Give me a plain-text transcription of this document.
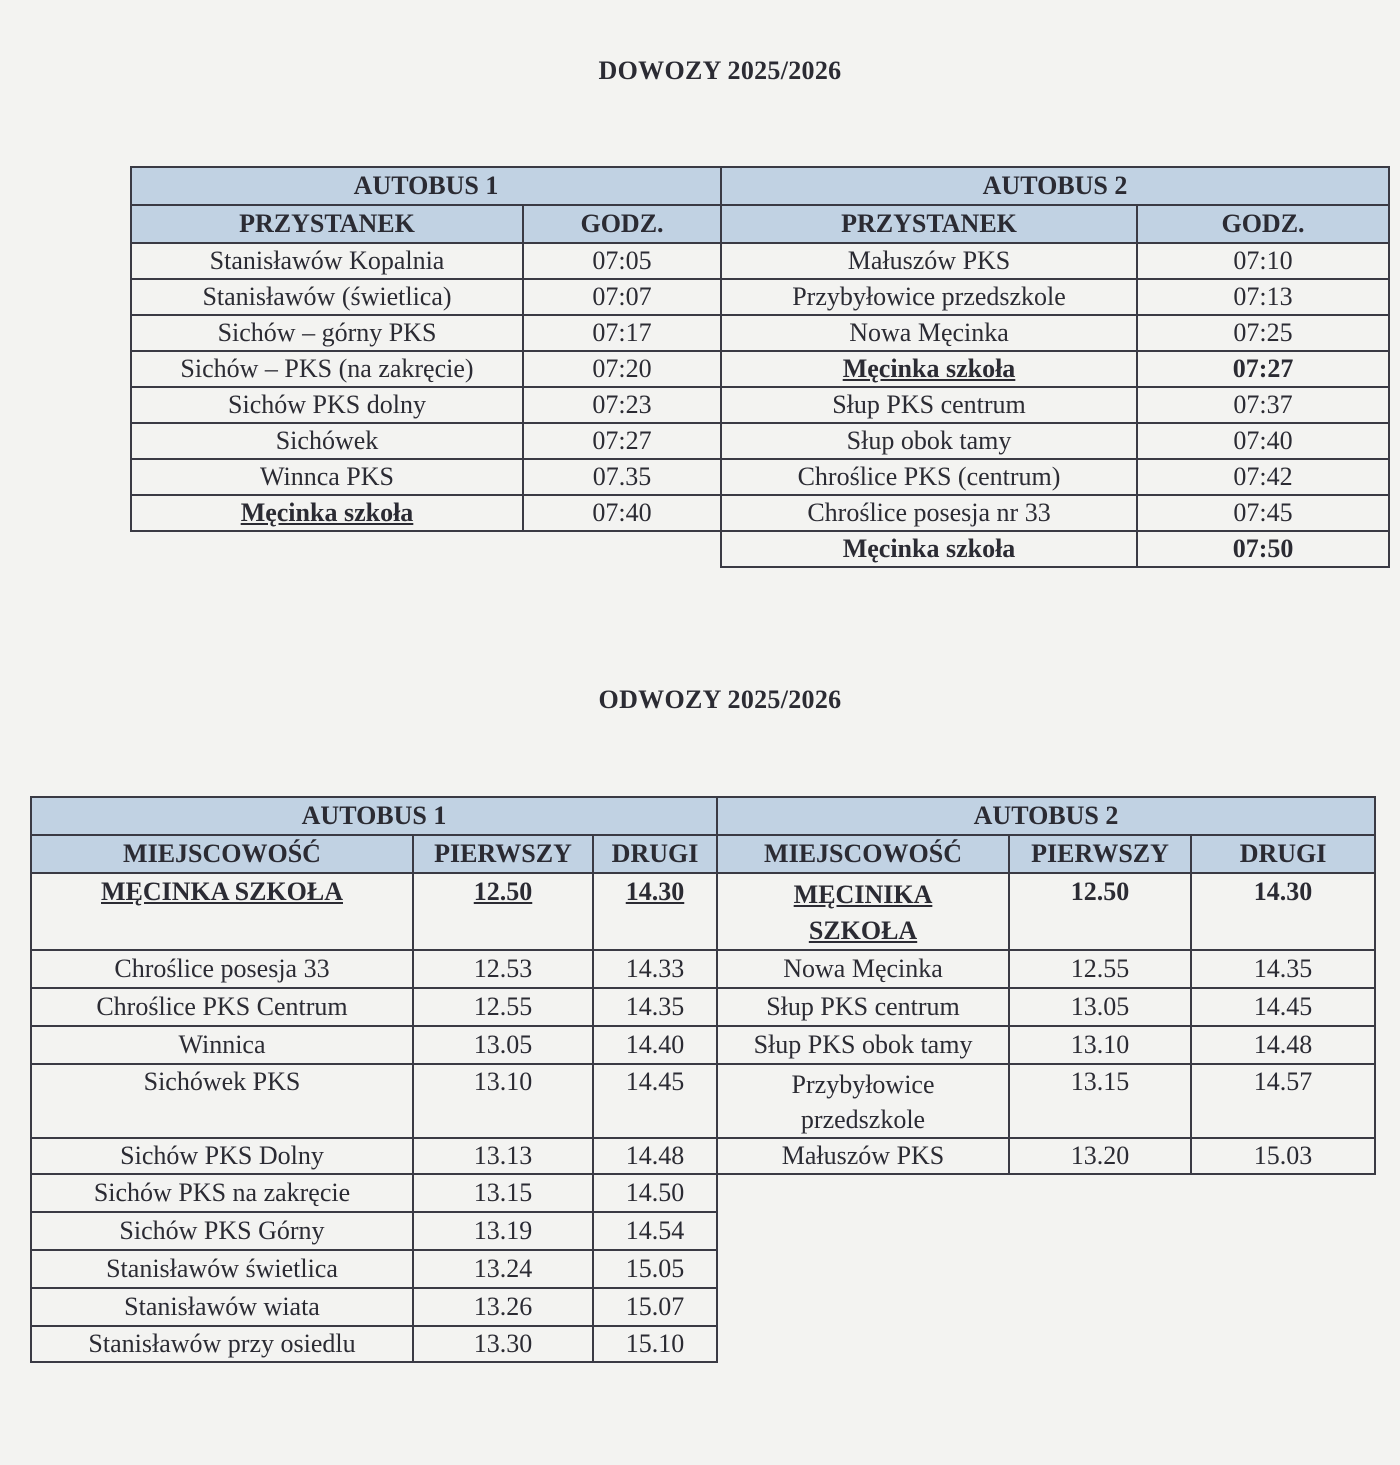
DOWOZY 2025/2026
AUTOBUS 1		AUTOBUS 2	
PRZYSTANEK	GODZ.	PRZYSTANEK	GODZ.
Stanisławów Kopalnia	07:05	Małuszów PKS	07:10
Stanisławów (świetlica)	07:07	Przybyłowice przedszkole	07:13
Sichów – górny PKS	07:17	Nowa Męcinka	07:25
Sichów – PKS (na zakręcie)	07:20	Męcinka szkoła	07:27
Sichów PKS dolny	07:23	Słup PKS centrum	07:37
Sichówek	07:27	Słup obok tamy	07:40
Winnca PKS	07.35	Chroślice PKS (centrum)	07:42
Męcinka szkoła	07:40	Chroślice posesja nr 33	07:45
		Męcinka szkoła	07:50
ODWOZY 2025/2026
AUTOBUS 1			AUTOBUS 2		
MIEJSCOWOŚĆ	PIERWSZY	DRUGI	MIEJSCOWOŚĆ	PIERWSZY	DRUGI
MĘCINKA SZKOŁA	12.50	14.30	MĘCINIKA SZKOŁA	12.50	14.30
Chroślice posesja 33	12.53	14.33	Nowa Męcinka	12.55	14.35
Chroślice PKS Centrum	12.55	14.35	Słup PKS centrum	13.05	14.45
Winnica	13.05	14.40	Słup PKS obok tamy	13.10	14.48
Sichówek PKS	13.10	14.45	Przybyłowice przedszkole	13.15	14.57
Sichów PKS Dolny	13.13	14.48	Małuszów PKS	13.20	15.03
Sichów PKS na zakręcie	13.15	14.50			
Sichów PKS Górny	13.19	14.54			
Stanisławów świetlica	13.24	15.05			
Stanisławów wiata	13.26	15.07			
Stanisławów przy osiedlu	13.30	15.10			
